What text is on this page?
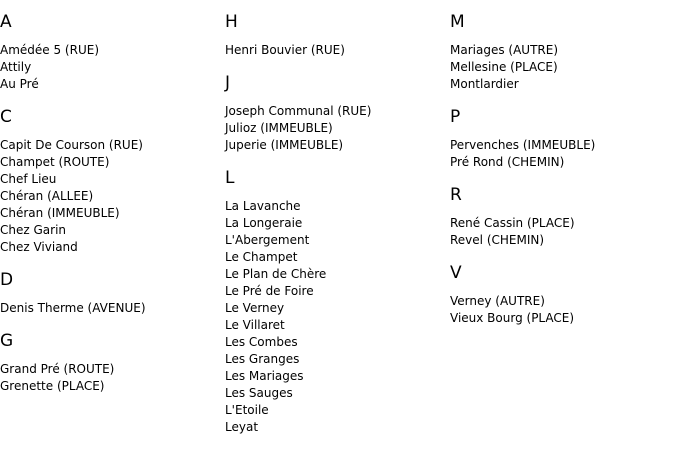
A
Amédée 5 (RUE)
Attily
Au Pré
C
Capit De Courson (RUE)
Champet (ROUTE)
Chef Lieu
Chéran (ALLEE)
Chéran (IMMEUBLE)
Chez Garin
Chez Viviand
D
Denis Therme (AVENUE)
G
Grand Pré (ROUTE)
Grenette (PLACE)
H
Henri Bouvier (RUE)
J
Joseph Communal (RUE)
Julioz (IMMEUBLE)
Juperie (IMMEUBLE)
L
La Lavanche
La Longeraie
L'Abergement
Le Champet
Le Plan de Chère
Le Pré de Foire
Le Verney
Le Villaret
Les Combes
Les Granges
Les Mariages
Les Sauges
L'Etoile
Leyat
M
Mariages (AUTRE)
Mellesine (PLACE)
Montlardier
P
Pervenches (IMMEUBLE)
Pré Rond (CHEMIN)
R
René Cassin (PLACE)
Revel (CHEMIN)
V
Verney (AUTRE)
Vieux Bourg (PLACE)
